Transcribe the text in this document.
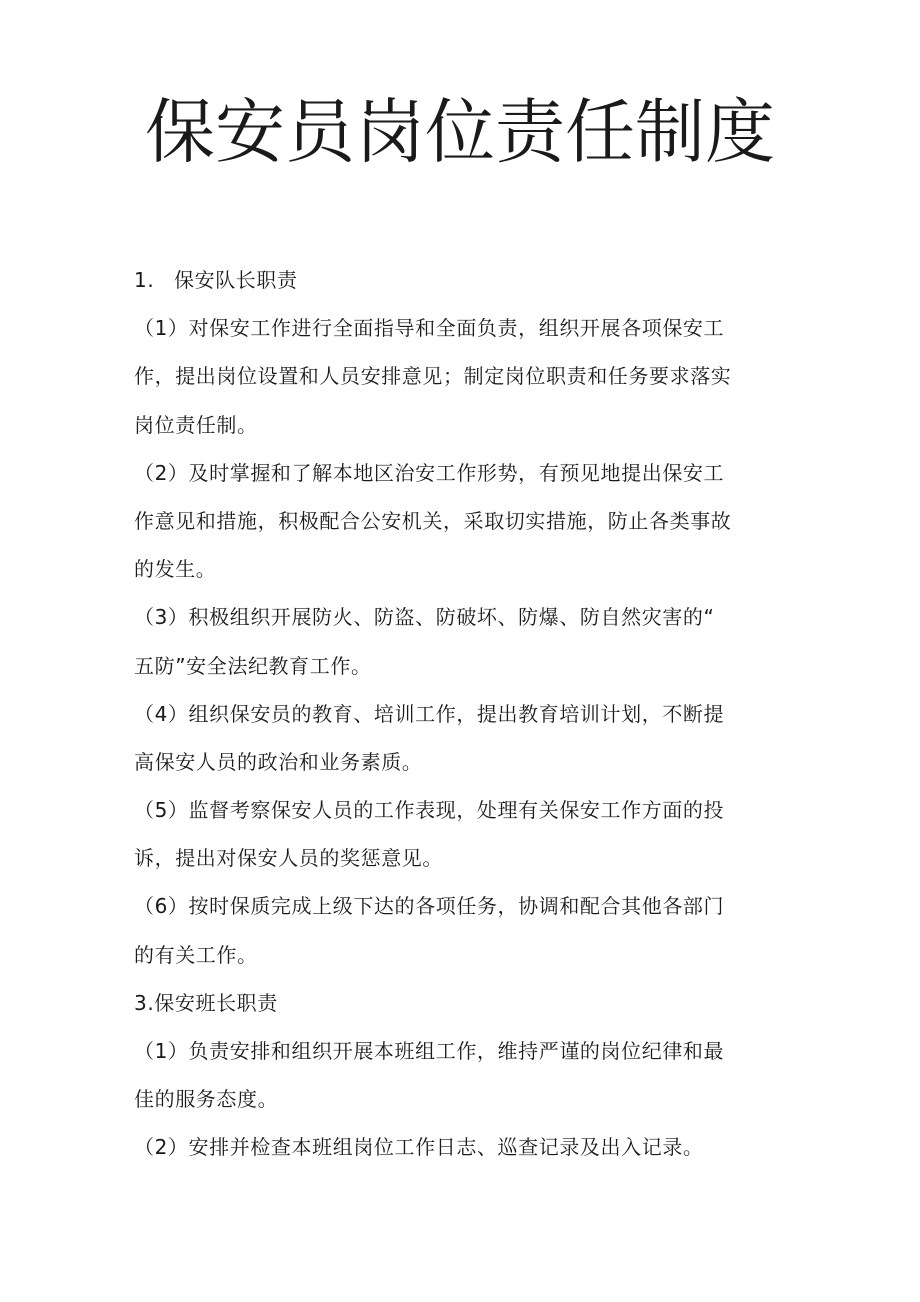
保安员岗位责任制度
1. 保安队长职责
（1）对保安工作进行全面指导和全面负责，组织开展各项保安工
作，提出岗位设置和人员安排意见；制定岗位职责和任务要求落实
岗位责任制。
（2）及时掌握和了解本地区治安工作形势，有预见地提出保安工
作意见和措施，积极配合公安机关，采取切实措施，防止各类事故
的发生。
（3）积极组织开展防火、防盗、防破坏、防爆、防自然灾害的“
五防”安全法纪教育工作。
（4）组织保安员的教育、培训工作，提出教育培训计划，不断提
高保安人员的政治和业务素质。
（5）监督考察保安人员的工作表现，处理有关保安工作方面的投
诉，提出对保安人员的奖惩意见。
（6）按时保质完成上级下达的各项任务，协调和配合其他各部门
的有关工作。
3.保安班长职责
（1）负责安排和组织开展本班组工作，维持严谨的岗位纪律和最
佳的服务态度。
（2）安排并检查本班组岗位工作日志、巡查记录及出入记录。
